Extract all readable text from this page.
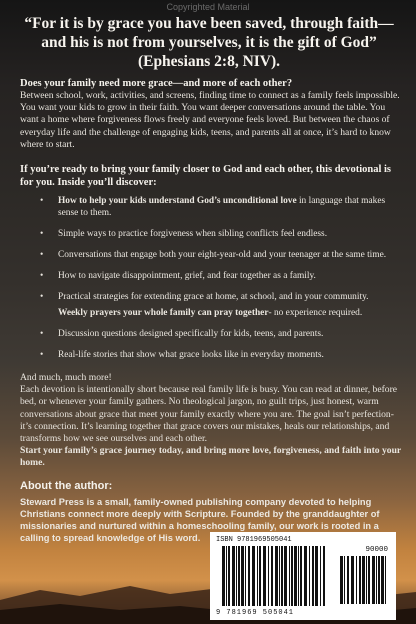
Copyrighted Material
“For it is by grace you have been saved, through faith—and his is not from yourselves, it is the gift of God” (Ephesians 2:8, NIV).
Does your family need more grace—and more of each other?
Between school, work, activities, and screens, finding time to connect as a family feels impossible. You want your kids to grow in their faith. You want deeper conversations around the table. You want a home where forgiveness flows freely and everyone feels loved. But between the chaos of everyday life and the challenge of engaging kids, teens, and parents all at once, it’s hard to know where to start.
If you’re ready to bring your family closer to God and each other, this devotional is for you. Inside you’ll discover:
• How to help your kids understand God’s unconditional love in language that makes sense to them.
• Simple ways to practice forgiveness when sibling conflicts feel endless.
• Conversations that engage both your eight-year-old and your teenager at the same time.
• How to navigate disappointment, grief, and fear together as a family.
• Practical strategies for extending grace at home, at school, and in your community.
Weekly prayers your whole family can pray together- no experience required.
• Discussion questions designed specifically for kids, teens, and parents.
• Real-life stories that show what grace looks like in everyday moments.
And much, much more!
Each devotion is intentionally short because real family life is busy. You can read at dinner, before bed, or whenever your family gathers. No theological jargon, no guilt trips, just honest, warm conversations about grace that meet your family exactly where you are. The goal isn’t perfection- it’s connection. It’s learning together that grace covers our mistakes, heals our relationships, and transforms how we see ourselves and each other.
Start your family’s grace journey today, and bring more love, forgiveness, and faith into your home.
About the author:
Steward Press is a small, family-owned publishing company devoted to helping Christians connect more deeply with Scripture. Founded by the granddaughter of missionaries and nurtured within a homeschooling family, our work is rooted in a calling to spread knowledge of His word.	ISBN 9781969505041
90000
9 781969 505041
